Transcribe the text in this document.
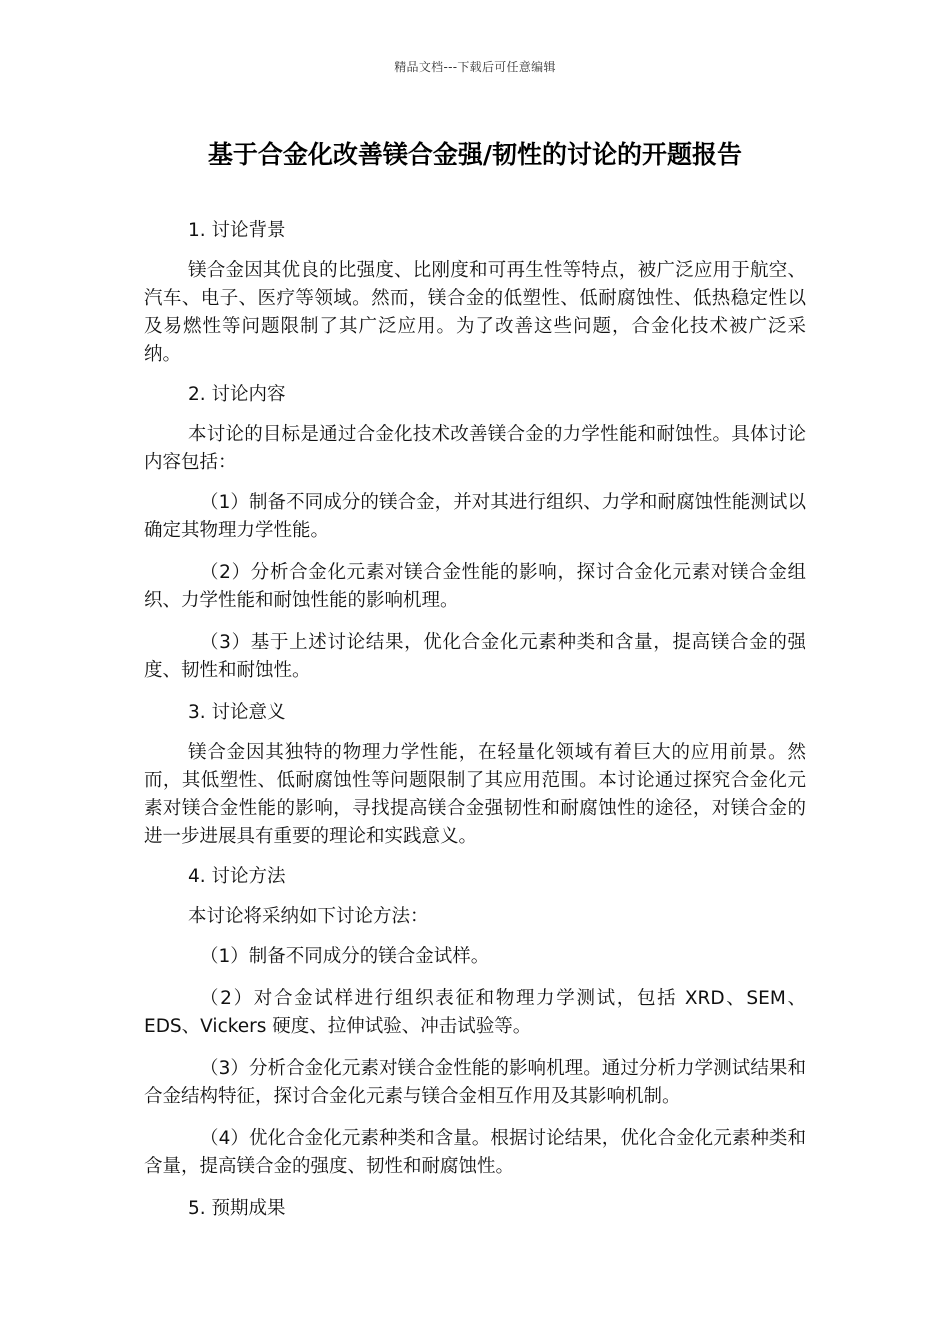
精品文档---下载后可任意编辑
基于合金化改善镁合金强/韧性的讨论的开题报告

1. 讨论背景

镁合金因其优良的比强度、比刚度和可再生性等特点，被广泛应用于航空、汽车、电子、医疗等领域。然而，镁合金的低塑性、低耐腐蚀性、低热稳定性以及易燃性等问题限制了其广泛应用。为了改善这些问题，合金化技术被广泛采纳。

2. 讨论内容

本讨论的目标是通过合金化技术改善镁合金的力学性能和耐蚀性。具体讨论内容包括：

（1）制备不同成分的镁合金，并对其进行组织、力学和耐腐蚀性能测试以确定其物理力学性能。

（2）分析合金化元素对镁合金性能的影响，探讨合金化元素对镁合金组织、力学性能和耐蚀性能的影响机理。

（3）基于上述讨论结果，优化合金化元素种类和含量，提高镁合金的强度、韧性和耐蚀性。

3. 讨论意义

镁合金因其独特的物理力学性能，在轻量化领域有着巨大的应用前景。然而，其低塑性、低耐腐蚀性等问题限制了其应用范围。本讨论通过探究合金化元素对镁合金性能的影响，寻找提高镁合金强韧性和耐腐蚀性的途径，对镁合金的进一步进展具有重要的理论和实践意义。

4. 讨论方法

本讨论将采纳如下讨论方法：

（1）制备不同成分的镁合金试样。

（2）对合金试样进行组织表征和物理力学测试，包括 XRD、SEM、EDS、Vickers 硬度、拉伸试验、冲击试验等。

（3）分析合金化元素对镁合金性能的影响机理。通过分析力学测试结果和合金结构特征，探讨合金化元素与镁合金相互作用及其影响机制。

（4）优化合金化元素种类和含量。根据讨论结果，优化合金化元素种类和含量，提高镁合金的强度、韧性和耐腐蚀性。

5. 预期成果
